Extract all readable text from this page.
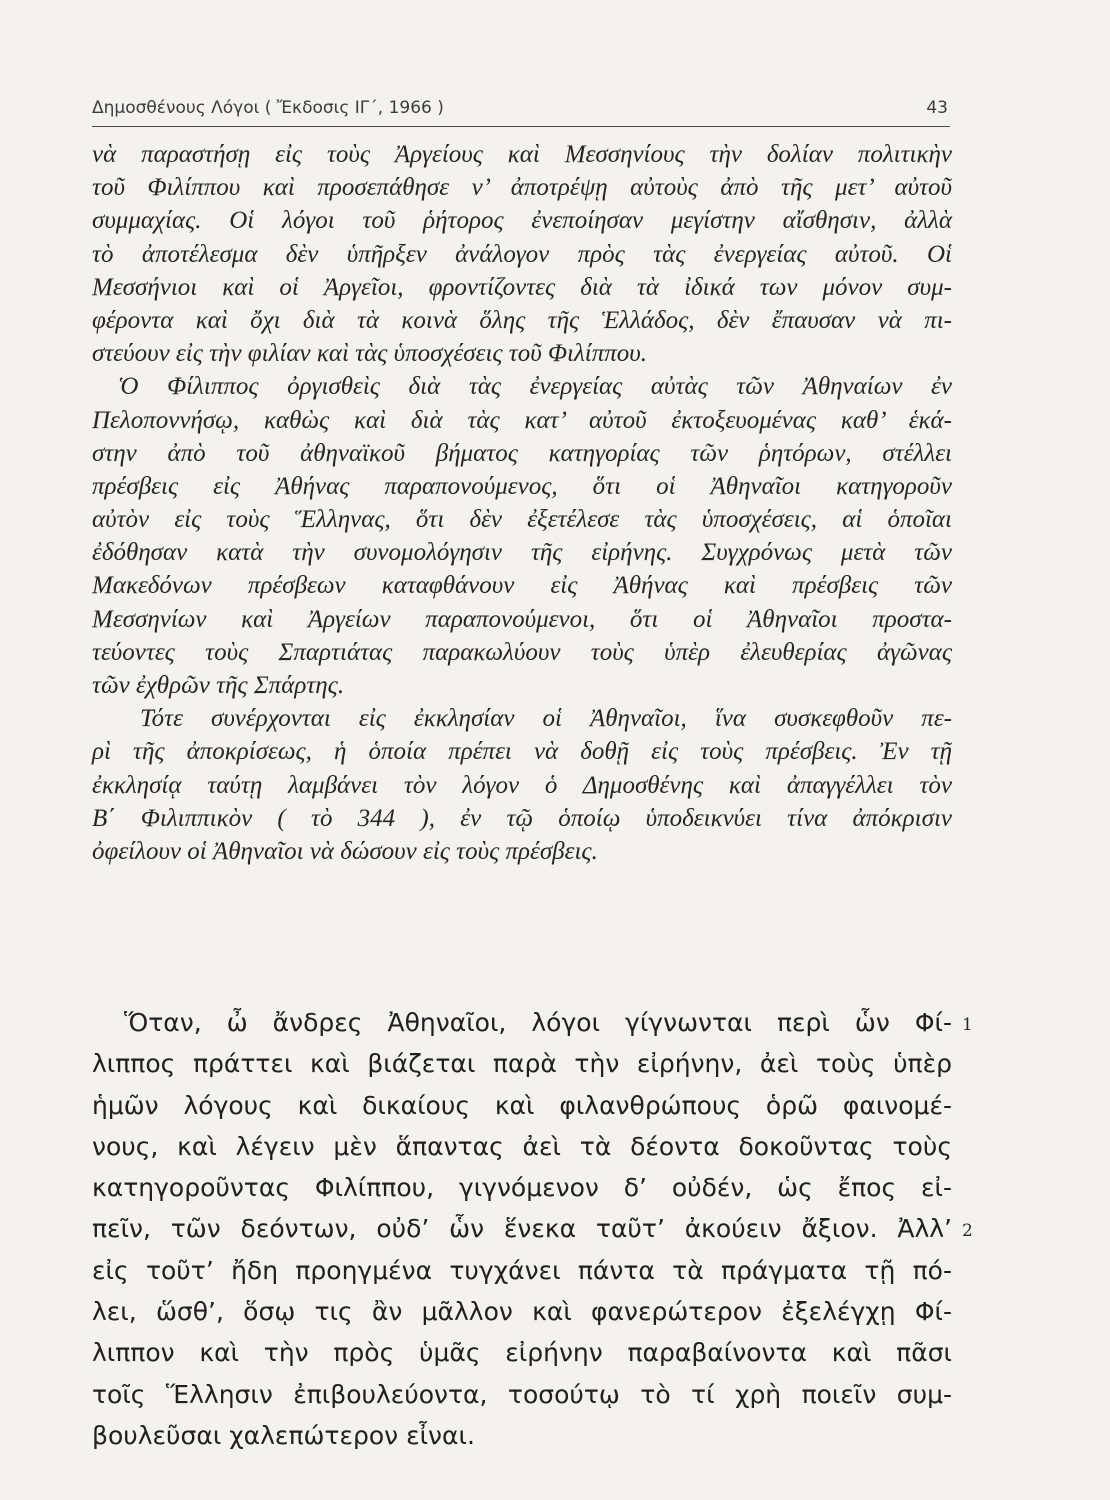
Δημοσθένους Λόγοι ( Ἔκδοσις ΙΓ΄, 1966 )	43
νὰ παραστήσῃ εἰς τοὺς Ἀργείους καὶ Μεσσηνίους τὴν δολίαν πολιτικὴν
τοῦ Φιλίππου καὶ προσεπάθησε ν’ ἀποτρέψῃ αὐτοὺς ἀπὸ τῆς μετ’ αὐτοῦ
συμμαχίας. Οἱ λόγοι τοῦ ῥήτορος ἐνεποίησαν μεγίστην αἴσθησιν, ἀλλὰ
τὸ ἀποτέλεσμα δὲν ὑπῆρξεν ἀνάλογον πρὸς τὰς ἐνεργείας αὐτοῦ. Οἱ
Μεσσήνιοι καὶ οἱ Ἀργεῖοι, φροντίζοντες διὰ τὰ ἰδικά των μόνον συμ-
φέροντα καὶ ὄχι διὰ τὰ κοινὰ ὅλης τῆς Ἑλλάδος, δὲν ἔπαυσαν νὰ πι-
στεύουν εἰς τὴν φιλίαν καὶ τὰς ὑποσχέσεις τοῦ Φιλίππου.
Ὁ Φίλιππος ὀργισθεὶς διὰ τὰς ἐνεργείας αὐτὰς τῶν Ἀθηναίων ἐν
Πελοποννήσῳ, καθὼς καὶ διὰ τὰς κατ’ αὐτοῦ ἐκτοξευομένας καθ’ ἑκά-
στην ἀπὸ τοῦ ἀθηναϊκοῦ βήματος κατηγορίας τῶν ῥητόρων, στέλλει
πρέσβεις εἰς Ἀθήνας παραπονούμενος, ὅτι οἱ Ἀθηναῖοι κατηγοροῦν
αὐτὸν εἰς τοὺς Ἕλληνας, ὅτι δὲν ἐξετέλεσε τὰς ὑποσχέσεις, αἱ ὁποῖαι
ἐδόθησαν κατὰ τὴν συνομολόγησιν τῆς εἰρήνης. Συγχρόνως μετὰ τῶν
Μακεδόνων πρέσβεων καταφθάνουν εἰς Ἀθήνας καὶ πρέσβεις τῶν
Μεσσηνίων καὶ Ἀργείων παραπονούμενοι, ὅτι οἱ Ἀθηναῖοι προστα-
τεύοντες τοὺς Σπαρτιάτας παρακωλύουν τοὺς ὑπὲρ ἐλευθερίας ἀγῶνας
τῶν ἐχθρῶν τῆς Σπάρτης.
Τότε συνέρχονται εἰς ἐκκλησίαν οἱ Ἀθηναῖοι, ἵνα συσκεφθοῦν πε-
ρὶ τῆς ἀποκρίσεως, ἡ ὁποία πρέπει νὰ δοθῇ εἰς τοὺς πρέσβεις. Ἐν τῇ
ἐκκλησίᾳ ταύτῃ λαμβάνει τὸν λόγον ὁ Δημοσθένης καὶ ἀπαγγέλλει τὸν
Β΄ Φιλιππικὸν ( τὸ 344 ), ἐν τῷ ὁποίῳ ὑποδεικνύει τίνα ἀπόκρισιν
ὀφείλουν οἱ Ἀθηναῖοι νὰ δώσουν εἰς τοὺς πρέσβεις.
Ὅταν, ὦ ἄνδρες Ἀθηναῖοι, λόγοι γίγνωνται περὶ ὧν Φί- 1
λιππος πράττει καὶ βιάζεται παρὰ τὴν εἰρήνην, ἀεὶ τοὺς ὑπὲρ
ἡμῶν λόγους καὶ δικαίους καὶ φιλανθρώπους ὁρῶ φαινομέ-
νους, καὶ λέγειν μὲν ἅπαντας ἀεὶ τὰ δέοντα δοκοῦντας τοὺς
κατηγοροῦντας Φιλίππου, γιγνόμενον δ’ οὐδέν, ὡς ἔπος εἰ-
πεῖν, τῶν δεόντων, οὐδ’ ὧν ἕνεκα ταῦτ’ ἀκούειν ἄξιον. Ἀλλ’ 2
εἰς τοῦτ’ ἤδη προηγμένα τυγχάνει πάντα τὰ πράγματα τῇ πό-
λει, ὥσθ’, ὅσῳ τις ἂν μᾶλλον καὶ φανερώτερον ἐξελέγχῃ Φί-
λιππον καὶ τὴν πρὸς ὑμᾶς εἰρήνην παραβαίνοντα καὶ πᾶσι
τοῖς Ἕλλησιν ἐπιβουλεύοντα, τοσούτῳ τὸ τί χρὴ ποιεῖν συμ-
βουλεῦσαι χαλεπώτερον εἶναι.
